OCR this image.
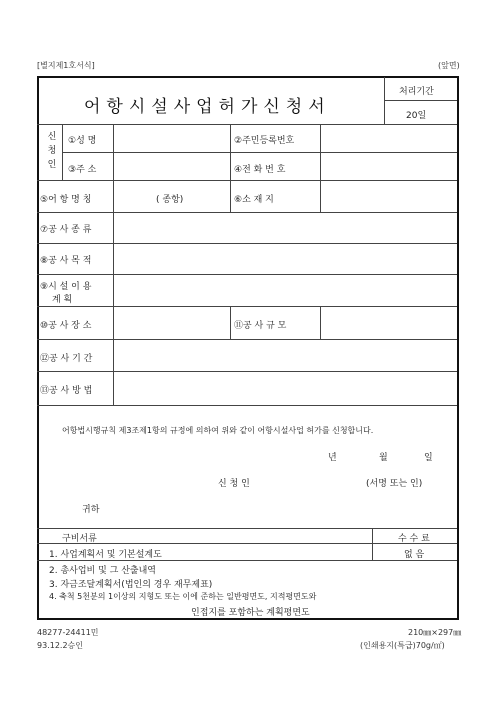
[별지제1호서식]	(앞면)
어항시설사업허가신청서
처리기간
20일
신
청
인
①성 명	②주민등록번호
③주 소	④전 화 번 호
⑤어 항 명 칭	( 종항)	⑥소 재 지
⑦공 사 종 류
⑧공 사 목 적
⑨시 설 이 용
계 획
⑩공 사 장 소	⑪공 사 규 모
⑫공 사 기 간
⑬공 사 방 법
어항법시행규칙 제3조제1항의 규정에 의하여 위와 같이 어항시설사업 허가를 신청합니다.
년	월	일
신 청 인	(서명 또는 인)
귀하
구비서류	수 수 료
없 음
1. 사업계획서 및 기본설계도
2. 총사업비 및 그 산출내역
3. 자금조달계획서(법인의 경우 재무제표)
4. 축척 5천분의 1이상의 지형도 또는 이에 준하는 일반평면도, 지적평면도와
인접지를 포함하는 계획평면도
48277-24411민
93.12.2승인
210㎜×297㎜
(인쇄용지(특급)70g/㎡)
